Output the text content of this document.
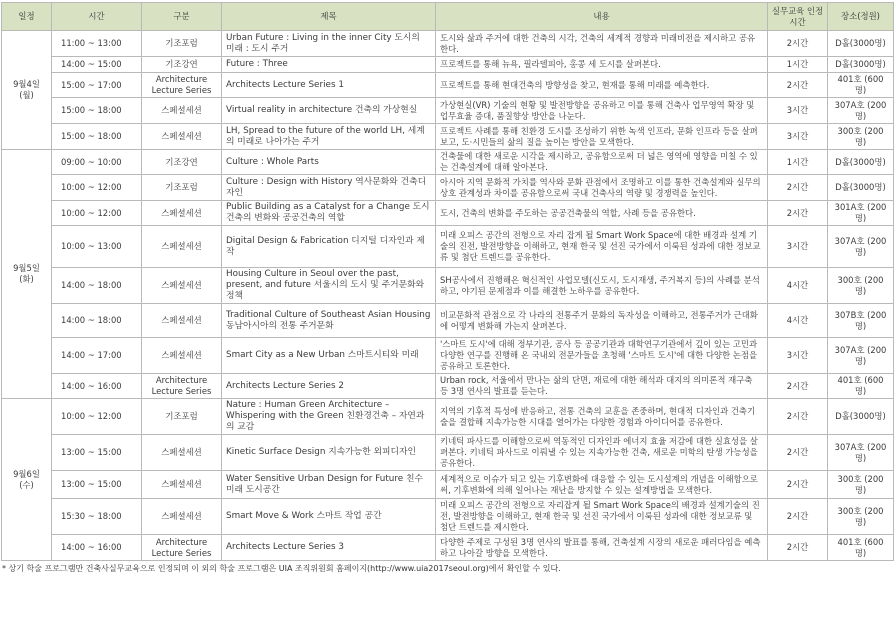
일정	시간	구분	제목	내용	실무교육 인정시간	장소(정원)
9월4일 (월)	11:00 ~ 13:00	기조포럼	Urban Future : Living in the inner City 도시의 미래 : 도시 주거	도시와 삶과 주거에 대한 건축의 시각, 건축의 세계적 경향과 미래비전을 제시하고 공유한다.	2시간	D홀(3000명)
	14:00 ~ 15:00	기조강연	Future : Three	프로젝트를 통해 뉴욕, 필라델피아, 홍콩 세 도시를 살펴본다.	1시간	D홀(3000명)
	15:00 ~ 17:00	Architecture Lecture Series	Architects Lecture Series 1	프로젝트를 통해 현대건축의 방향성을 찾고, 현재를 통해 미래를 예측한다.	2시간	401호 (600명)
	15:00 ~ 18:00	스페셜세션	Virtual reality in architecture 건축의 가상현실	가상현실(VR) 기술의 현황 및 발전방향을 공유하고 이를 통해 건축사 업무영역 확장 및 업무효율 증대, 품질향상 방안을 나눈다.	3시간	307A호 (200명)
	15:00 ~ 18:00	스페셜세션	LH, Spread to the future of the world LH, 세계의 미래로 나아가는 주거	프로젝트 사례를 통해 친환경 도시를 조성하기 위한 녹색 인프라, 문화 인프라 등을 살펴보고, 도·시민들의 삶의 질을 높이는 방안을 모색한다.	3시간	300호 (200명)
9월5일 (화)	09:00 ~ 10:00	기조강연	Culture : Whole Parts	건축물에 대한 새로운 시각을 제시하고, 공유함으로써 더 넓은 영역에 영향을 미칠 수 있는 건축설계에 대해 알아본다.	1시간	D홀(3000명)
	10:00 ~ 12:00	기조포럼	Culture : Design with History 역사문화와 건축디자인	아시아 지역 문화적 가치를 역사와 문화 관점에서 조명하고 이를 통한 건축설계와 실무의 상호 관계성과 차이를 공유함으로써 국내 건축사의 역량 및 경쟁력을 높인다.	2시간	D홀(3000명)
	10:00 ~ 12:00	스페셜세션	Public Building as a Catalyst for a Change 도시 건축의 변화와 공공건축의 역할	도시, 건축의 변화를 주도하는 공공건축물의 역할, 사례 등을 공유한다.	2시간	301A호 (200명)
	10:00 ~ 13:00	스페셜세션	Digital Design & Fabrication 디지털 디자인과 제작	미래 오피스 공간의 전형으로 자리 잡게 될 Smart Work Space에 대한 배경과 설계 기술의 진전, 발전방향을 이해하고, 현재 한국 및 선진 국가에서 이룩된 성과에 대한 정보교류 및 첨단 트렌드를 공유한다.	3시간	307A호 (200명)
	14:00 ~ 18:00	스페셜세션	Housing Culture in Seoul over the past, present, and future 서울시의 도시 및 주거문화와 정책	SH공사에서 진행해온 혁신적인 사업모델(신도시, 도시재생, 주거복지 등)의 사례를 분석하고, 야기된 문제점과 이를 해결한 노하우를 공유한다.	4시간	300호 (200명)
	14:00 ~ 18:00	스페셜세션	Traditional Culture of Southeast Asian Housing 동남아시아의 전통 주거문화	비교문화적 관점으로 각 나라의 전통주거 문화의 독자성을 이해하고, 전통주거가 근대화에 어떻게 변화해 가는지 살펴본다.	4시간	307B호 (200명)
	14:00 ~ 17:00	스페셜세션	Smart City as a New Urban 스마트시티와 미래	'스마트 도시'에 대해 정부기관, 공사 등 공공기관과 대학연구기관에서 깊이 있는 고민과 다양한 연구를 진행해 온 국내외 전문가들을 초청해 '스마트 도시'에 대한 다양한 논점을 공유하고 토론한다.	3시간	307A호 (200명)
	14:00 ~ 16:00	Architecture Lecture Series	Architects Lecture Series 2	Urban rock, 서울에서 만나는 삶의 단면, 재료에 대한 해석과 대지의 의미론적 재구축 등 3명 연사의 발표를 듣는다.	2시간	401호 (600명)
9월6일 (수)	10:00 ~ 12:00	기조포럼	Nature : Human Green Architecture – Whispering with the Green 친환경건축 – 자연과의 교감	지역의 기후적 특성에 반응하고, 전통 건축의 교훈을 존중하며, 현대적 디자인과 건축기술을 결합해 지속가능한 시대를 열어가는 다양한 경험과 아이디어를 공유한다.	2시간	D홀(3000명)
	13:00 ~ 15:00	스페셜세션	Kinetic Surface Design 지속가능한 외피디자인	키네틱 파사드를 이해함으로써 역동적인 디자인과 에너지 효율 저감에 대한 실효성을 살펴본다. 키네틱 파사드로 이뤄낼 수 있는 지속가능한 건축, 새로운 미학의 탄생 가능성을 공유한다.	2시간	307A호 (200명)
	13:00 ~ 15:00	스페셜세션	Water Sensitive Urban Design for Future 친수 미래 도시공간	세계적으로 이슈가 되고 있는 기후변화에 대응할 수 있는 도시설계의 개념을 이해함으로써, 기후변화에 의해 일어나는 재난을 방지할 수 있는 설계방법을 모색한다.	2시간	300호 (200명)
	15:30 ~ 18:00	스페셜세션	Smart Move & Work 스마트 작업 공간	미래 오피스 공간의 전형으로 자리잡게 될 Smart Work Space의 배경과 설계기술의 진전, 발전방향을 이해하고, 현재 한국 및 선진 국가에서 이룩된 성과에 대한 정보교류 및 첨단 트렌드를 제시한다.	2시간	300호 (200명)
	14:00 ~ 16:00	Architecture Lecture Series	Architects Lecture Series 3	다양한 주제로 구성된 3명 연사의 발표를 통해, 건축설계 시장의 새로운 패러다임을 예측하고 나아갈 방향을 모색한다.	2시간	401호 (600명)
* 상기 학술 프로그램만 건축사실무교육으로 인정되며 이 외의 학술 프로그램은 UIA 조직위원회 홈페이지(http://www.uia2017seoul.org)에서 확인할 수 있다.
